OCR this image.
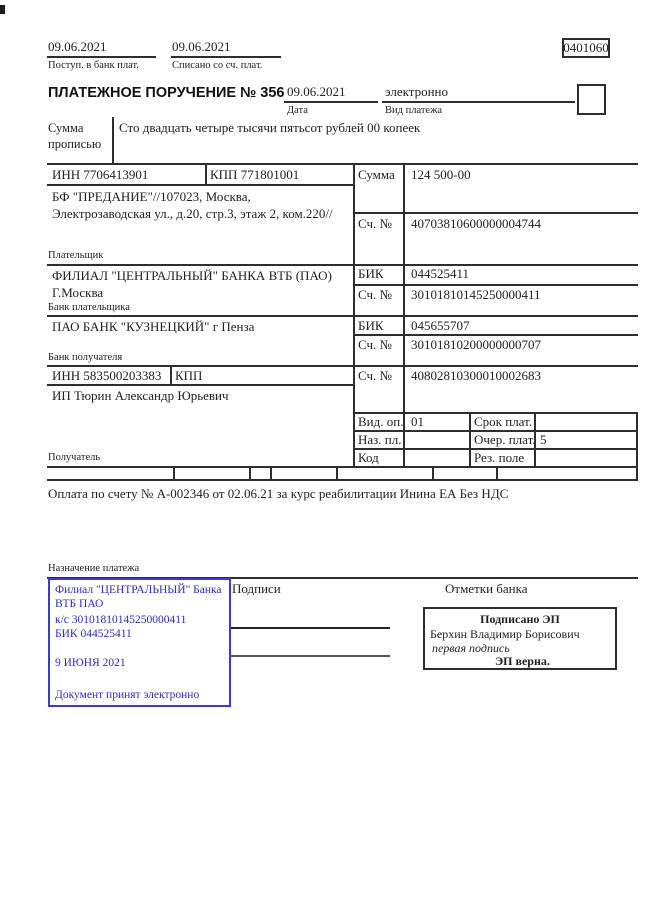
09.06.2021
Поступ. в банк плат.
09.06.2021
Списано со сч. плат.
0401060
ПЛАТЕЖНОЕ ПОРУЧЕНИЕ № 356 09.06.2021
Дата
электронно
Вид платежа
Сумма прописью
Сто двадцать четыре тысячи пятьсот рублей 00 копеек
ИНН 7706413901	КПП 771801001	Сумма 124 500-00
БФ "ПРЕДАНИЕ"//107023, Москва, Электрозаводская ул., д.20, стр.3, этаж 2, ком.220//
Сч. № 40703810600000004744
Плательщик
ФИЛИАЛ "ЦЕНТРАЛЬНЫЙ" БАНКА ВТБ (ПАО) Г.Москва
БИК 044525411
Сч. № 30101810145250000411
Банк плательщика
ПАО БАНК "КУЗНЕЦКИЙ" г Пенза	БИК 045655707
Сч. № 30101810200000000707
Банк получателя
ИНН 583500203383 КПП	Сч. № 40802810300010002683
ИП Тюрин Александр Юрьевич
Получатель
Вид. оп. 01	Срок плат.
Наз. пл.	Очер. плат. 5
Код	Рез. поле
Оплата по счету № А-002346 от 02.06.21 за курс реабилитации Инина ЕА Без НДС
Назначение платежа
Подписи	Отметки банка
Филиал "ЦЕНТРАЛЬНЫЙ" Банка ВТБ ПАО
к/с 30101810145250000411
БИК 044525411
9 ИЮНЯ 2021
Документ принят электронно
Подписано ЭП
Берхин Владимир Борисович
первая подпись
ЭП верна.
